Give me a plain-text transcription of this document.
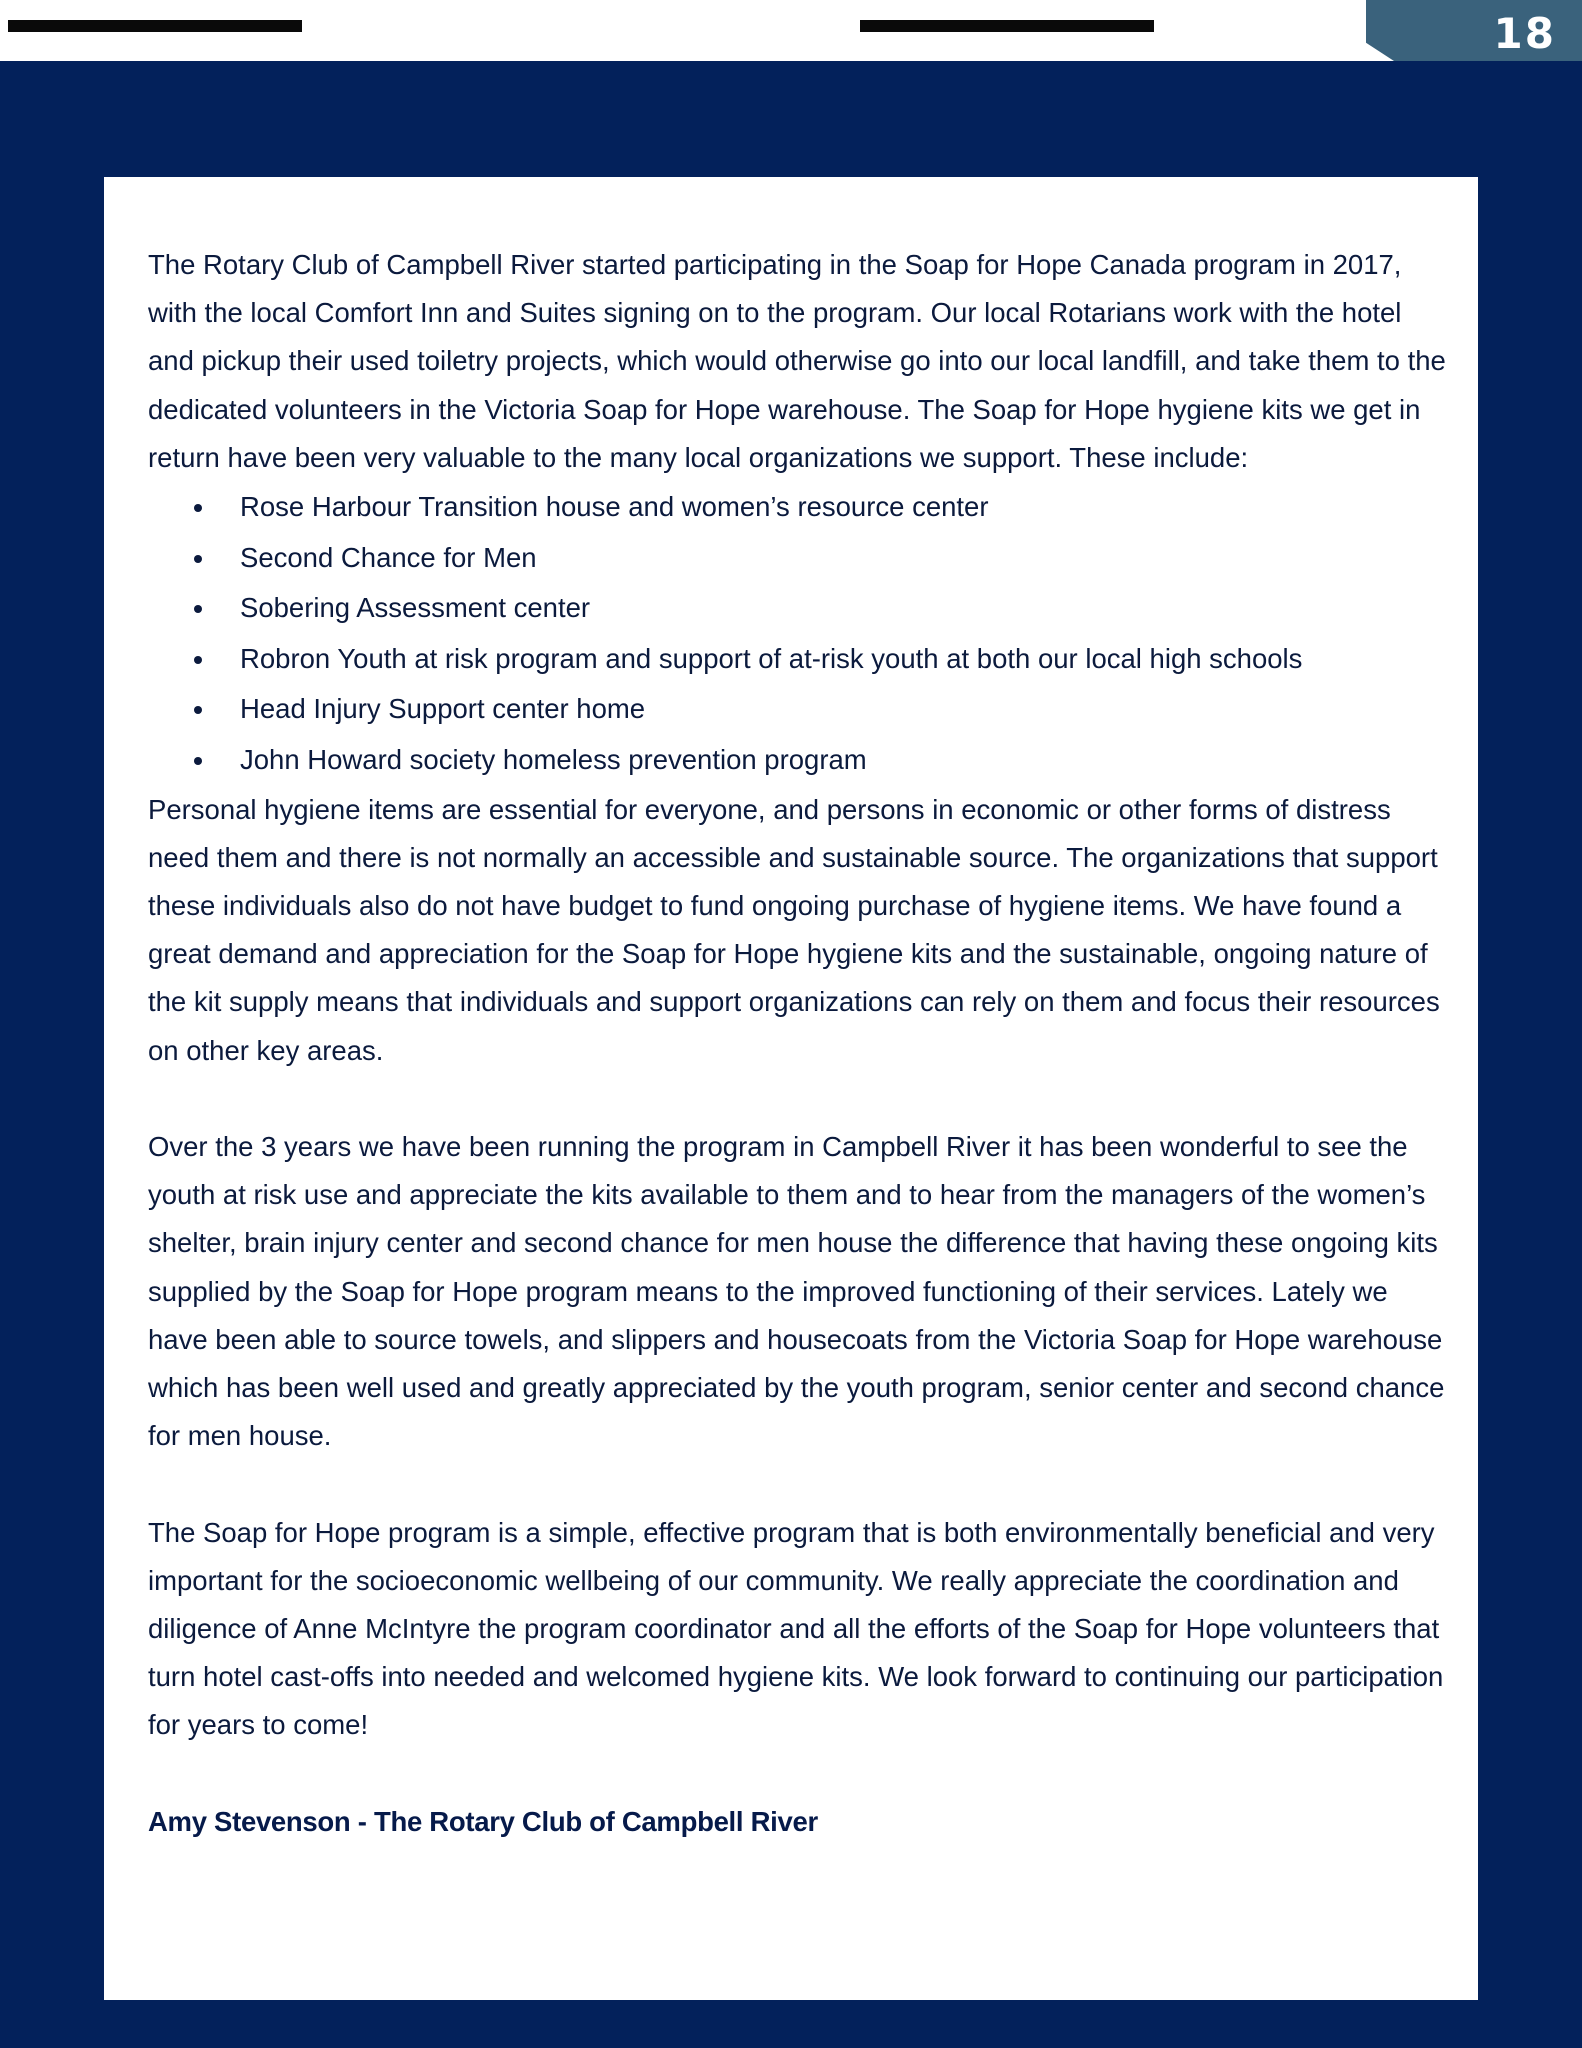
18

The Rotary Club of Campbell River started participating in the Soap for Hope Canada program in 2017, with the local Comfort Inn and Suites signing on to the program. Our local Rotarians work with the hotel and pickup their used toiletry projects, which would otherwise go into our local landfill, and take them to the dedicated volunteers in the Victoria Soap for Hope warehouse. The Soap for Hope hygiene kits we get in return have been very valuable to the many local organizations we support. These include:

Rose Harbour Transition house and women’s resource center
Second Chance for Men
Sobering Assessment center
Robron Youth at risk program and support of at-risk youth at both our local high schools
Head Injury Support center home
John Howard society homeless prevention program

Personal hygiene items are essential for everyone, and persons in economic or other forms of distress need them and there is not normally an accessible and sustainable source. The organizations that support these individuals also do not have budget to fund ongoing purchase of hygiene items. We have found a great demand and appreciation for the Soap for Hope hygiene kits and the sustainable, ongoing nature of the kit supply means that individuals and support organizations can rely on them and focus their resources on other key areas.

Over the 3 years we have been running the program in Campbell River it has been wonderful to see the youth at risk use and appreciate the kits available to them and to hear from the managers of the women’s shelter, brain injury center and second chance for men house the difference that having these ongoing kits supplied by the Soap for Hope program means to the improved functioning of their services. Lately we have been able to source towels, and slippers and housecoats from the Victoria Soap for Hope warehouse which has been well used and greatly appreciated by the youth program, senior center and second chance for men house.

The Soap for Hope program is a simple, effective program that is both environmentally beneficial and very important for the socioeconomic wellbeing of our community. We really appreciate the coordination and diligence of Anne McIntyre the program coordinator and all the efforts of the Soap for Hope volunteers that turn hotel cast-offs into needed and welcomed hygiene kits. We look forward to continuing our participation for years to come!

Amy Stevenson - The Rotary Club of Campbell River
